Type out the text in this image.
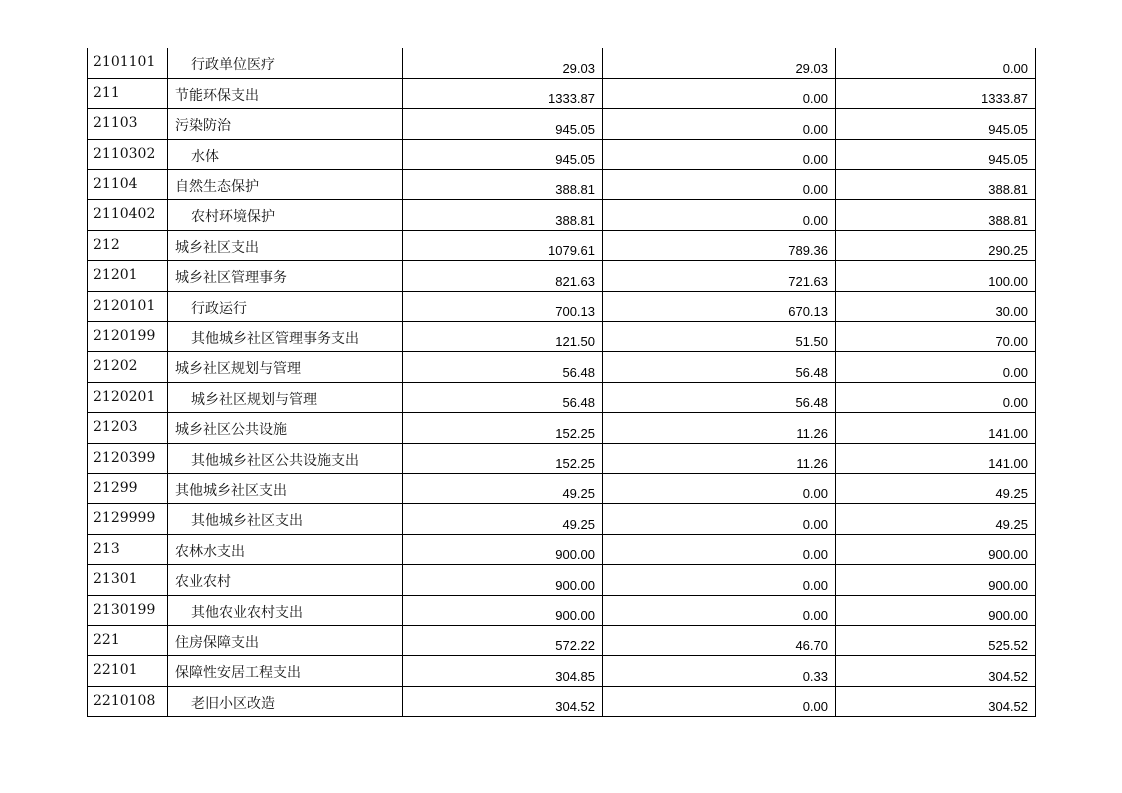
2101101	行政单位医疗	29.03	29.03	0.00
211	节能环保支出	1333.87	0.00	1333.87
21103	污染防治	945.05	0.00	945.05
2110302	水体	945.05	0.00	945.05
21104	自然生态保护	388.81	0.00	388.81
2110402	农村环境保护	388.81	0.00	388.81
212	城乡社区支出	1079.61	789.36	290.25
21201	城乡社区管理事务	821.63	721.63	100.00
2120101	行政运行	700.13	670.13	30.00
2120199	其他城乡社区管理事务支出	121.50	51.50	70.00
21202	城乡社区规划与管理	56.48	56.48	0.00
2120201	城乡社区规划与管理	56.48	56.48	0.00
21203	城乡社区公共设施	152.25	11.26	141.00
2120399	其他城乡社区公共设施支出	152.25	11.26	141.00
21299	其他城乡社区支出	49.25	0.00	49.25
2129999	其他城乡社区支出	49.25	0.00	49.25
213	农林水支出	900.00	0.00	900.00
21301	农业农村	900.00	0.00	900.00
2130199	其他农业农村支出	900.00	0.00	900.00
221	住房保障支出	572.22	46.70	525.52
22101	保障性安居工程支出	304.85	0.33	304.52
2210108	老旧小区改造	304.52	0.00	304.52
